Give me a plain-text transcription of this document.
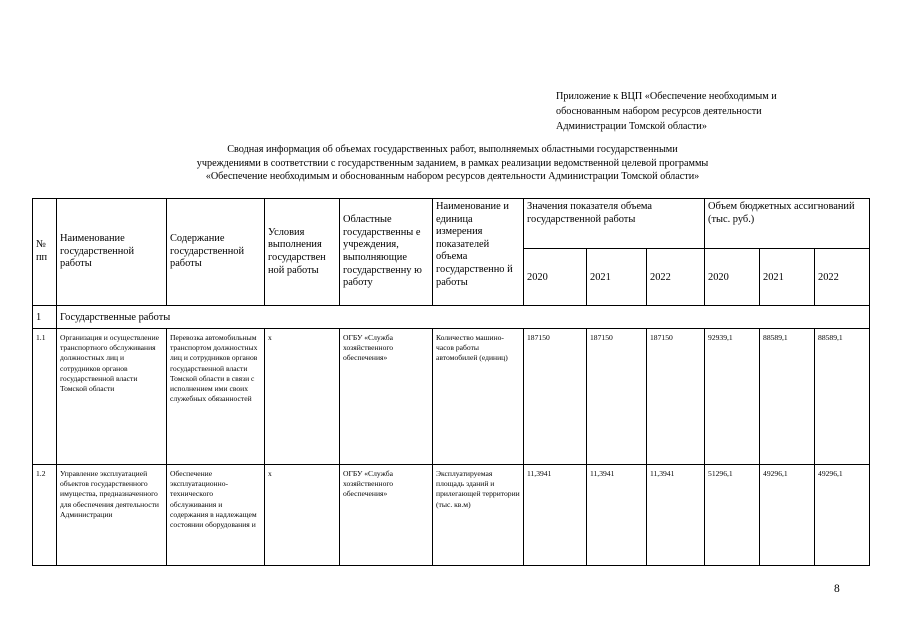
Приложение к ВЦП «Обеспечение необходимым и
обоснованным набором ресурсов деятельности
Администрации Томской области»
Сводная информация об объемах государственных работ, выполняемых областными государственными
учреждениями в соответствии с государственным заданием, в рамках реализации ведомственной целевой программы
«Обеспечение необходимым и обоснованным набором ресурсов деятельности Администрации Томской области»
№ пп	Наименование государственной работы	Содержание государственной работы	Условия выполнения государствен ной работы	Областные государственны е учреждения, выполняющие государственну ю работу	Наименование и единица измерения показателей объема государственно й работы	Значения показателя объема государственной работы			Объем бюджетных ассигнований (тыс. руб.)		
						2020	2021	2022	2020	2021	2022
1	Государственные работы										
1.1	Организация и осуществление транспортного обслуживания должностных лиц и сотрудников органов государственной власти Томской области	Перевозка автомобильным транспортом должностных лиц и сотрудников органов государственной власти Томской области в связи с исполнением ими своих служебных обязанностей	х	ОГБУ «Служба хозяйственного обеспечения»	Количество машино-часов работы автомобилей (единиц)	187150	187150	187150	92939,1	88589,1	88589,1
1.2	Управление эксплуатацией объектов государственного имущества, предназначенного для обеспечения деятельности Администрации	Обеспечение эксплуатационно-технического обслуживания и содержания в надлежащем состоянии оборудования и	х	ОГБУ «Служба хозяйственного обеспечения»	Эксплуатируемая площадь зданий и прилегающей территории (тыс. кв.м)	11,3941	11,3941	11,3941	51296,1	49296,1	49296,1
8
